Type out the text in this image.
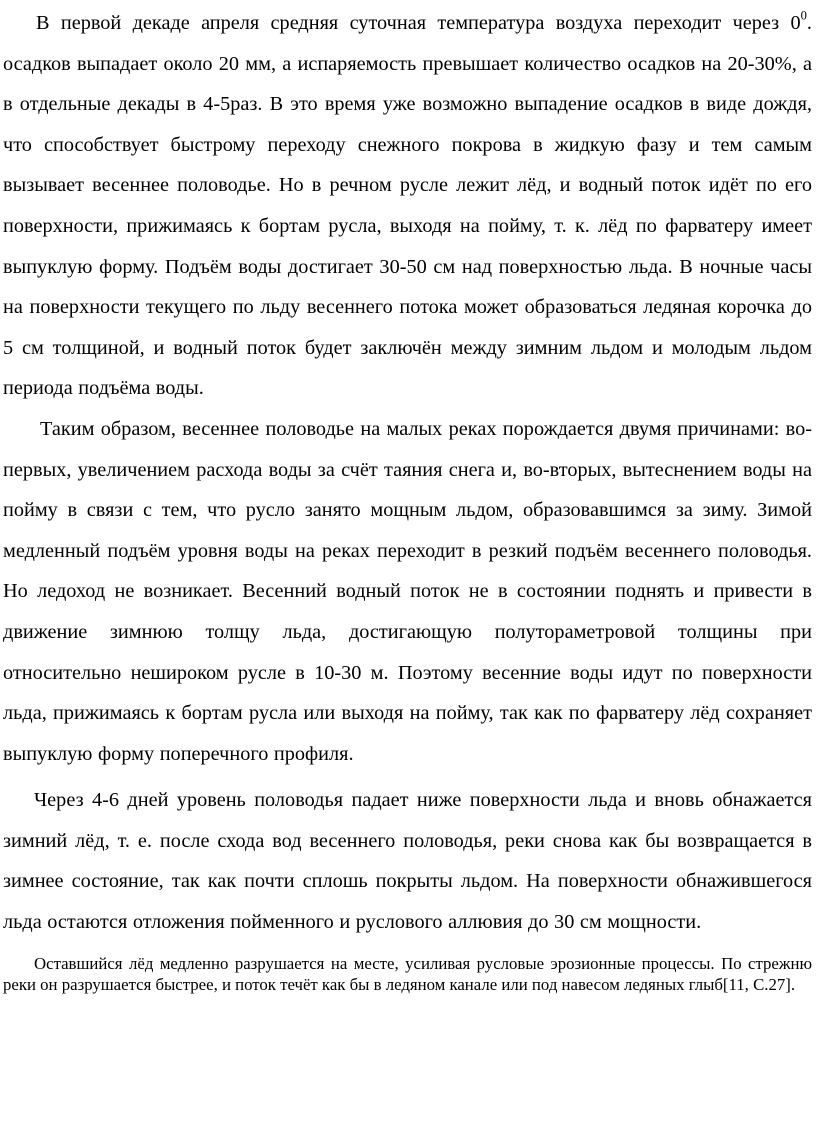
В первой декаде апреля средняя суточная температура воздуха переходит через $0^0$. осадков выпадает около 20 мм, а испаряемость превышает количество осадков на 20-30%, а в отдельные декады в 4-5раз. В это время уже возможно выпадение осадков в виде дождя, что способствует быстрому переходу снежного покрова в жидкую фазу и тем самым вызывает весеннее половодье. Но в речном русле лежит лёд, и водный поток идёт по его поверхности, прижимаясь к бортам русла, выходя на пойму, т. к. лёд по фарватеру имеет выпуклую форму. Подъём воды достигает 30-50 см над поверхностью льда. В ночные часы на поверхности текущего по льду весеннего потока может образоваться ледяная корочка до 5 см толщиной, и водный поток будет заключён между зимним льдом и молодым льдом периода подъёма воды.

Таким образом, весеннее половодье на малых реках порождается двумя причинами: во-первых, увеличением расхода воды за счёт таяния снега и, во-вторых, вытеснением воды на пойму в связи с тем, что русло занято мощным льдом, образовавшимся за зиму. Зимой медленный подъём уровня воды на реках переходит в резкий подъём весеннего половодья. Но ледоход не возникает. Весенний водный поток не в состоянии поднять и привести в движение зимнюю толщу льда, достигающую полутораметровой толщины при относительно нешироком русле в 10-30 м. Поэтому весенние воды идут по поверхности льда, прижимаясь к бортам русла или выходя на пойму, так как по фарватеру лёд сохраняет выпуклую форму поперечного профиля.

Через 4-6 дней уровень половодья падает ниже поверхности льда и вновь обнажается зимний лёд, т. е. после схода вод весеннего половодья, реки снова как бы возвращается в зимнее состояние, так как почти сплошь покрыты льдом. На поверхности обнажившегося льда остаются отложения пойменного и руслового аллювия до 30 см мощности.

Оставшийся лёд медленно разрушается на месте, усиливая русловые эрозионные процессы. По стрежню реки он разрушается быстрее, и поток течёт как бы в ледяном канале или под навесом ледяных глыб[11, С.27].
